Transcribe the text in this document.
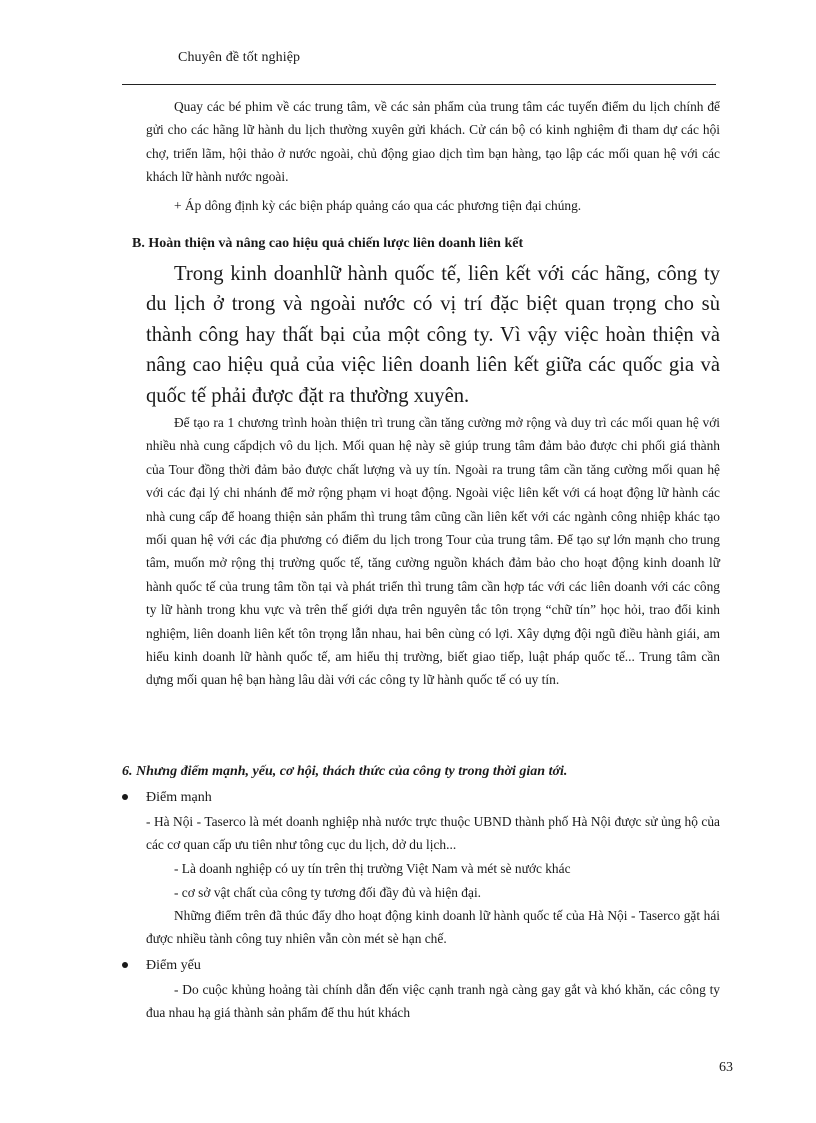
Chuyên đề tốt nghiệp

Quay các bé phim về các trung tâm, về các sản phẩm của trung tâm các tuyến điểm du lịch chính để gửi cho các hãng lữ hành du lịch thường xuyên gửi khách. Cử cán bộ có kinh nghiệm đi tham dự các hội chợ, triển lãm, hội thảo ở nước ngoài, chủ động giao dịch tìm bạn hàng, tạo lập các mối quan hệ với các khách lữ hành nước ngoài.

+ Áp dông định kỳ các biện pháp quảng cáo qua các phương tiện đại chúng.

B. Hoàn thiện và nâng cao hiệu quả chiến lược liên doanh liên kết

Trong kinh doanhlữ hành quốc tế, liên kết với các hãng, công ty du lịch ở trong và ngoài nước có vị trí đặc biệt quan trọng cho sù thành công hay thất bại của một công ty. Vì vậy việc hoàn thiện và nâng cao hiệu quả của việc liên doanh liên kết giữa các quốc gia và quốc tế phải được đặt ra thường xuyên.

Để tạo ra 1 chương trình hoàn thiện trì trung cần tăng cường mở rộng và duy trì các mối quan hệ với nhiều nhà cung cấpdịch vô du lịch. Mối quan hệ này sẽ giúp trung tâm đảm bảo được chi phối giá thành của Tour đồng thời đảm bảo được chất lượng và uy tín. Ngoài ra trung tâm cần tăng cường mối quan hệ với các đại lý chi nhánh để mở rộng phạm vi hoạt động. Ngoài việc liên kết với cá hoạt động lữ hành các nhà cung cấp để hoang thiện sản phẩm thì trung tâm cũng cần liên kết với các ngành công nhiệp khác tạo mối quan hệ với các địa phương có điểm du lịch trong Tour của trung tâm. Để tạo sự lớn mạnh cho trung tâm, muốn mở rộng thị trường quốc tế, tăng cường nguồn khách đảm bảo cho hoạt động kinh doanh lữ hành quốc tế của trung tâm tồn tại và phát triển thì trung tâm cần hợp tác với các liên doanh với các công ty lữ hành trong khu vực và trên thế giới dựa trên nguyên tắc tôn trọng “chữ tín” học hỏi, trao đổi kinh nghiệm, liên doanh liên kết tôn trọng lẫn nhau, hai bên cùng có lợi. Xây dựng đội ngũ điều hành giái, am hiểu kinh doanh lữ hành quốc tế, am hiểu thị trường, biết giao tiếp, luật pháp quốc tế... Trung tâm cần dựng mối quan hệ bạn hàng lâu dài với các công ty lữ hành quốc tế có uy tín.

6. Nhưng điểm mạnh, yếu, cơ hội, thách thức của công ty trong thời gian tới.

Điểm mạnh

- Hà Nội - Taserco là mét doanh nghiệp nhà nước trực thuộc UBND thành phố Hà Nội được sử ủng hộ của các cơ quan cấp ưu tiên như tông cục du lịch, dở du lịch...

- Là doanh nghiệp có uy tín trên thị trường Việt Nam và mét sè nước khác

- cơ sở vật chất của công ty tương đối đầy đủ và hiện đại.

Những điểm trên đã thúc đẩy dho hoạt động kinh doanh lữ hành quốc tế của Hà Nội - Taserco gặt hái được nhiều tành công tuy nhiên vẫn còn mét sè hạn chế.

Điểm yếu

- Do cuộc khủng hoảng tài chính dẫn đến việc cạnh tranh ngà càng gay gắt và khó khăn, các công ty đua nhau hạ giá thành sản phẩm để thu hút khách

63
